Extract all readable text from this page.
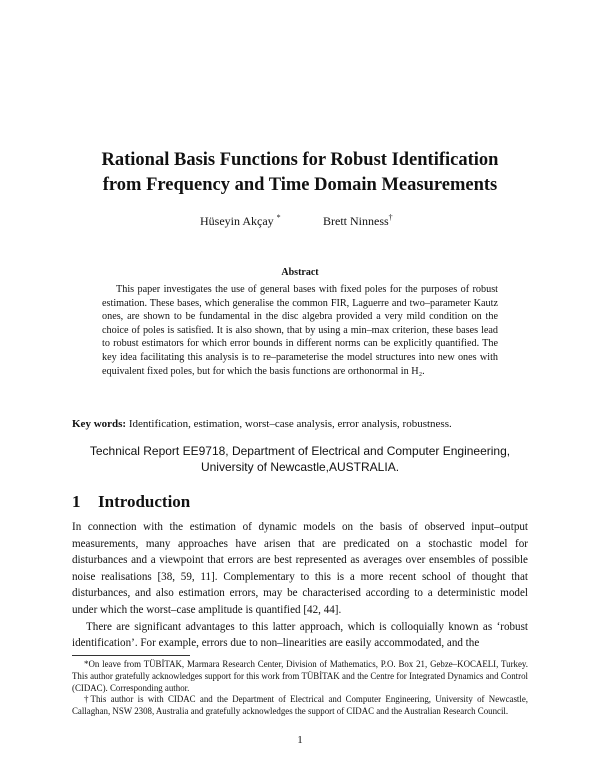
Rational Basis Functions for Robust Identification
from Frequency and Time Domain Measurements
Hüseyin Akçay *	Brett Ninness†
Abstract

This paper investigates the use of general bases with fixed poles for the purposes of robust estimation. These bases, which generalise the common FIR, Laguerre and two–parameter Kautz ones, are shown to be fundamental in the disc algebra provided a very mild condition on the choice of poles is satisfied. It is also shown, that by using a min–max criterion, these bases lead to robust estimators for which error bounds in different norms can be explicitly quantified. The key idea facilitating this analysis is to re–parameterise the model structures into new ones with equivalent fixed poles, but for which the basis functions are orthonormal in H₂.

Key words: Identification, estimation, worst–case analysis, error analysis, robustness.
Technical Report EE9718, Department of Electrical and Computer Engineering,
University of Newcastle,AUSTRALIA.
1 Introduction

In connection with the estimation of dynamic models on the basis of observed input–output measurements, many approaches have arisen that are predicated on a stochastic model for disturbances and a viewpoint that errors are best represented as averages over ensembles of possible noise realisations [38, 59, 11]. Complementary to this is a more recent school of thought that disturbances, and also estimation errors, may be characterised according to a deterministic model under which the worst–case amplitude is quantified [42, 44].

There are significant advantages to this latter approach, which is colloquially known as ‘robust identification’. For example, errors due to non–linearities are easily accommodated, and the

*On leave from TÜBİTAK, Marmara Research Center, Division of Mathematics, P.O. Box 21, Gebze–KOCAELI, Turkey. This author gratefully acknowledges support for this work from TÜBİTAK and the Centre for Integrated Dynamics and Control (CIDAC). Corresponding author.

†This author is with CIDAC and the Department of Electrical and Computer Engineering, University of Newcastle, Callaghan, NSW 2308, Australia and gratefully acknowledges the support of CIDAC and the Australian Research Council.

1
